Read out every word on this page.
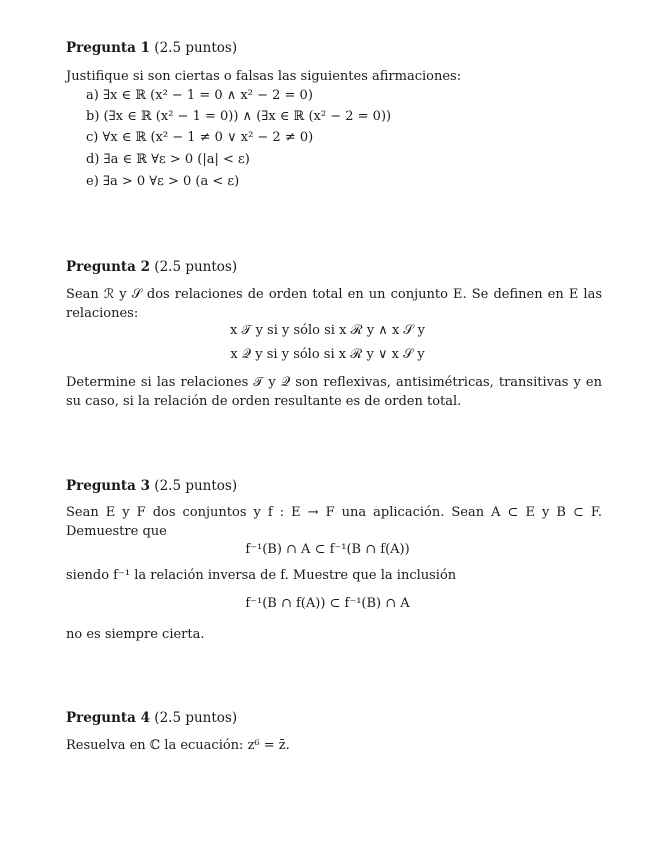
Pregunta 1 (2.5 puntos)
Justifique si son ciertas o falsas las siguientes afirmaciones:
a) ∃x ∈ ℝ (x² − 1 = 0 ∧ x² − 2 = 0)
b) (∃x ∈ ℝ (x² − 1 = 0)) ∧ (∃x ∈ ℝ (x² − 2 = 0))
c) ∀x ∈ ℝ (x² − 1 ≠ 0 ∨ x² − 2 ≠ 0)
d) ∃a ∈ ℝ ∀ε > 0 (|a| < ε)
e) ∃a > 0 ∀ε > 0 (a < ε)
Pregunta 2 (2.5 puntos)
Sean ℛ y 𝒮 dos relaciones de orden total en un conjunto E. Se definen en E las relaciones:
x 𝒯 y si y sólo si x ℛ y ∧ x 𝒮 y
x 𝒬 y si y sólo si x ℛ y ∨ x 𝒮 y
Determine si las relaciones 𝒯 y 𝒬 son reflexivas, antisimétricas, transitivas y en su caso, si la relación de orden resultante es de orden total.
Pregunta 3 (2.5 puntos)
Sean E y F dos conjuntos y f : E → F una aplicación. Sean A ⊂ E y B ⊂ F. Demuestre que
f⁻¹(B) ∩ A ⊂ f⁻¹(B ∩ f(A))
siendo f⁻¹ la relación inversa de f. Muestre que la inclusión
f⁻¹(B ∩ f(A)) ⊂ f⁻¹(B) ∩ A
no es siempre cierta.
Pregunta 4 (2.5 puntos)
Resuelva en ℂ la ecuación: z⁶ = z̄.
